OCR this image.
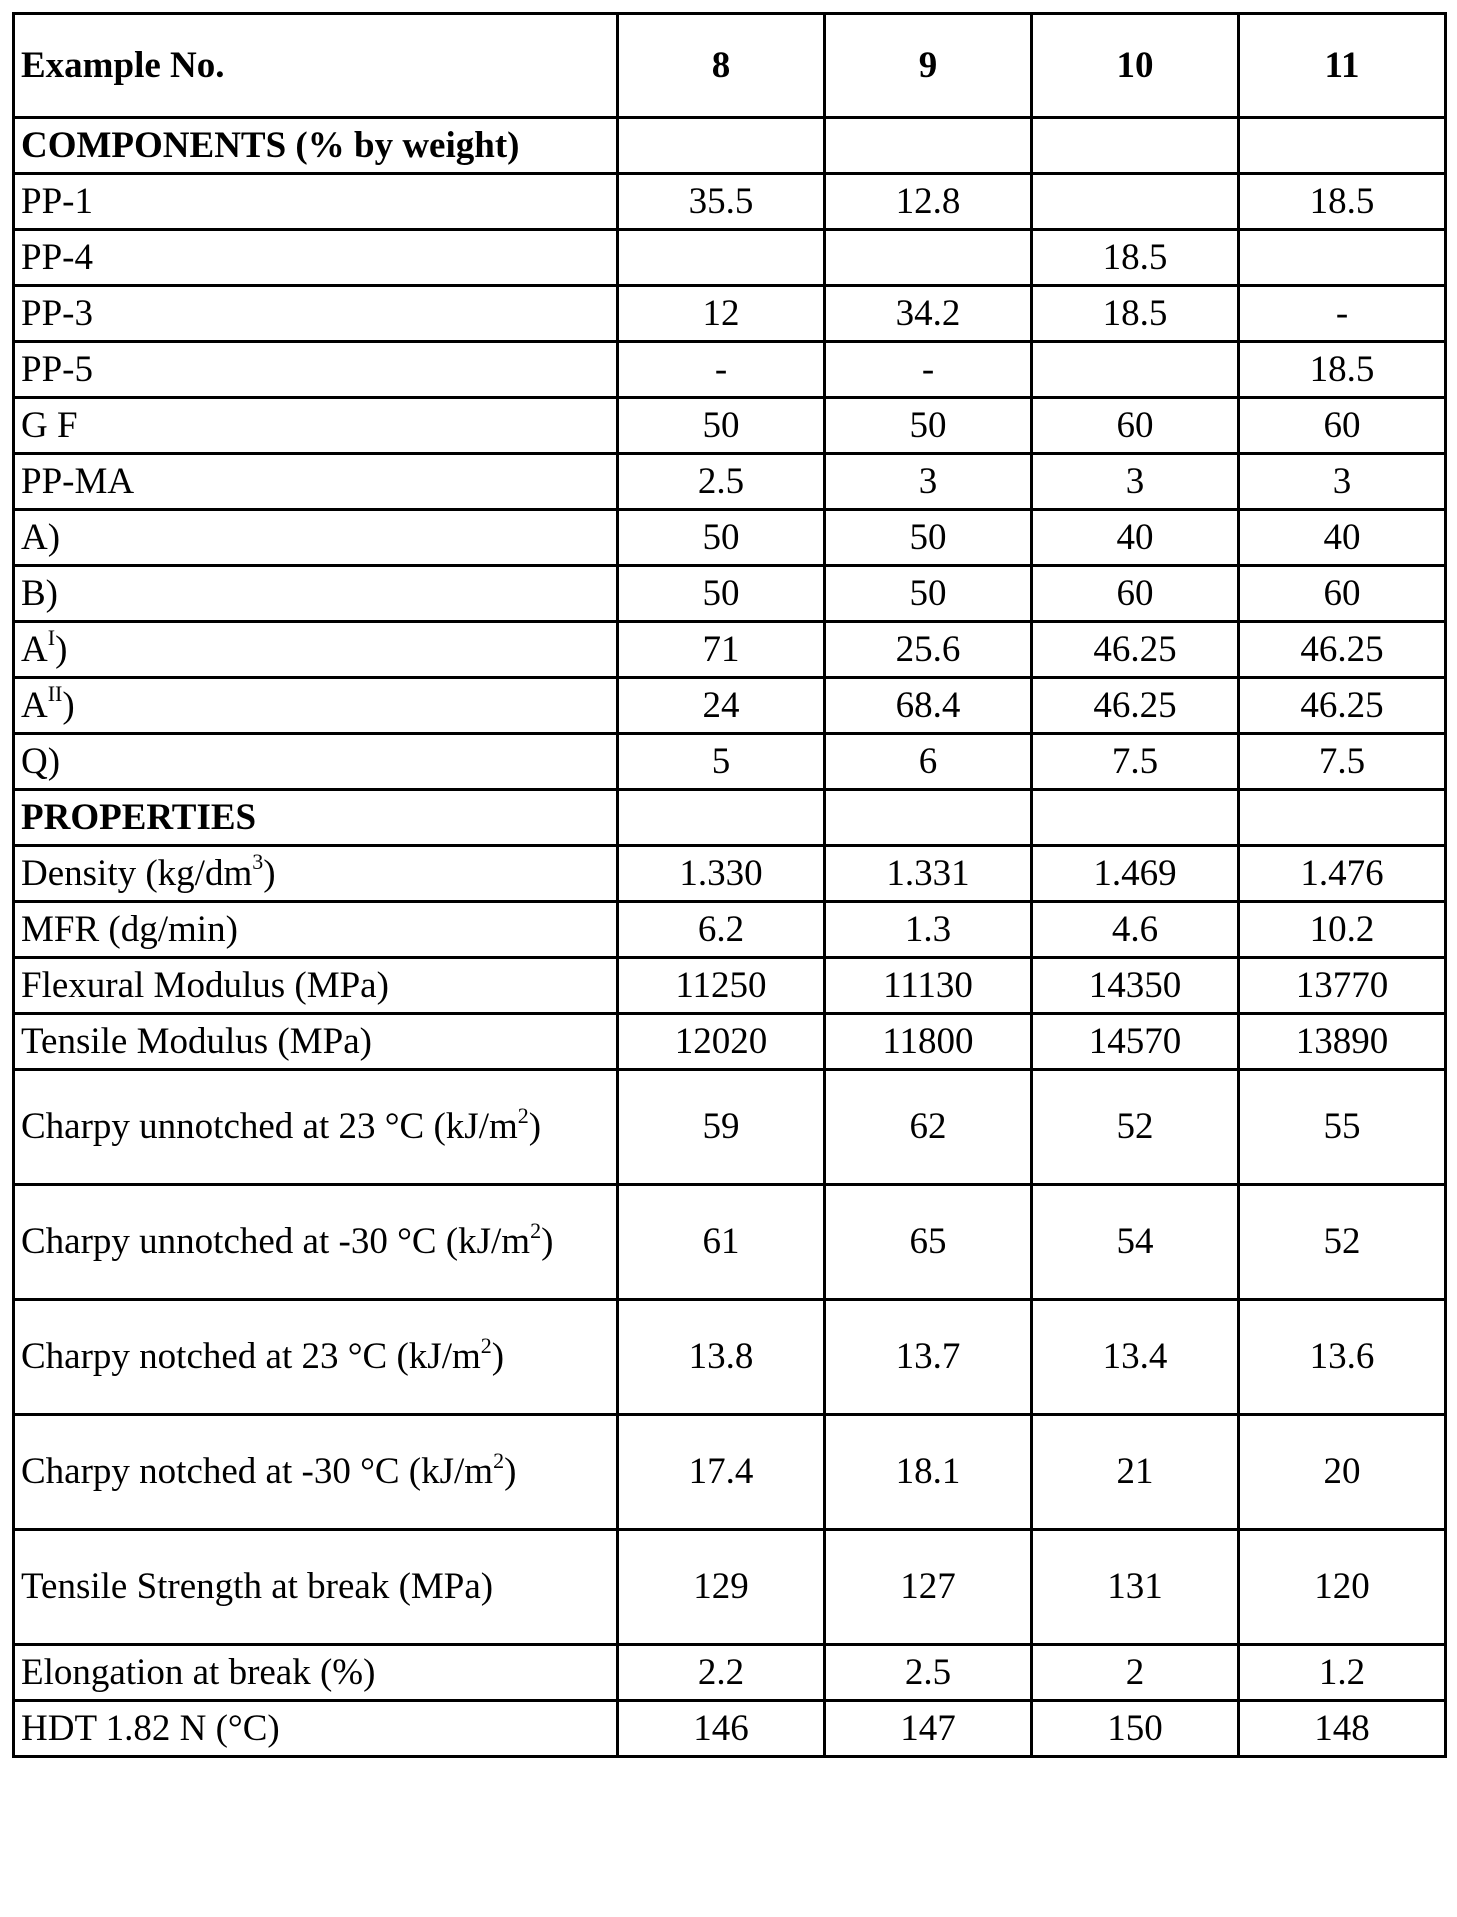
Example No.	8	9	10	11
COMPONENTS (% by weight)				
PP-1	35.5	12.8		18.5
PP-4			18.5	
PP-3	12	34.2	18.5	-
PP-5	-	-		18.5
G F	50	50	60	60
PP-MA	2.5	3	3	3
A)	50	50	40	40
B)	50	50	60	60
AI)	71	25.6	46.25	46.25
AII)	24	68.4	46.25	46.25
Q)	5	6	7.5	7.5
PROPERTIES				
Density (kg/dm3)	1.330	1.331	1.469	1.476
MFR (dg/min)	6.2	1.3	4.6	10.2
Flexural Modulus (MPa)	11250	11130	14350	13770
Tensile Modulus (MPa)	12020	11800	14570	13890
Charpy unnotched at 23 °C (kJ/m2)	59	62	52	55
Charpy unnotched at -30 °C (kJ/m2)	61	65	54	52
Charpy notched at 23 °C (kJ/m2)	13.8	13.7	13.4	13.6
Charpy notched at -30 °C (kJ/m2)	17.4	18.1	21	20
Tensile Strength at break (MPa)	129	127	131	120
Elongation at break (%)	2.2	2.5	2	1.2
HDT 1.82 N (°C)	146	147	150	148
